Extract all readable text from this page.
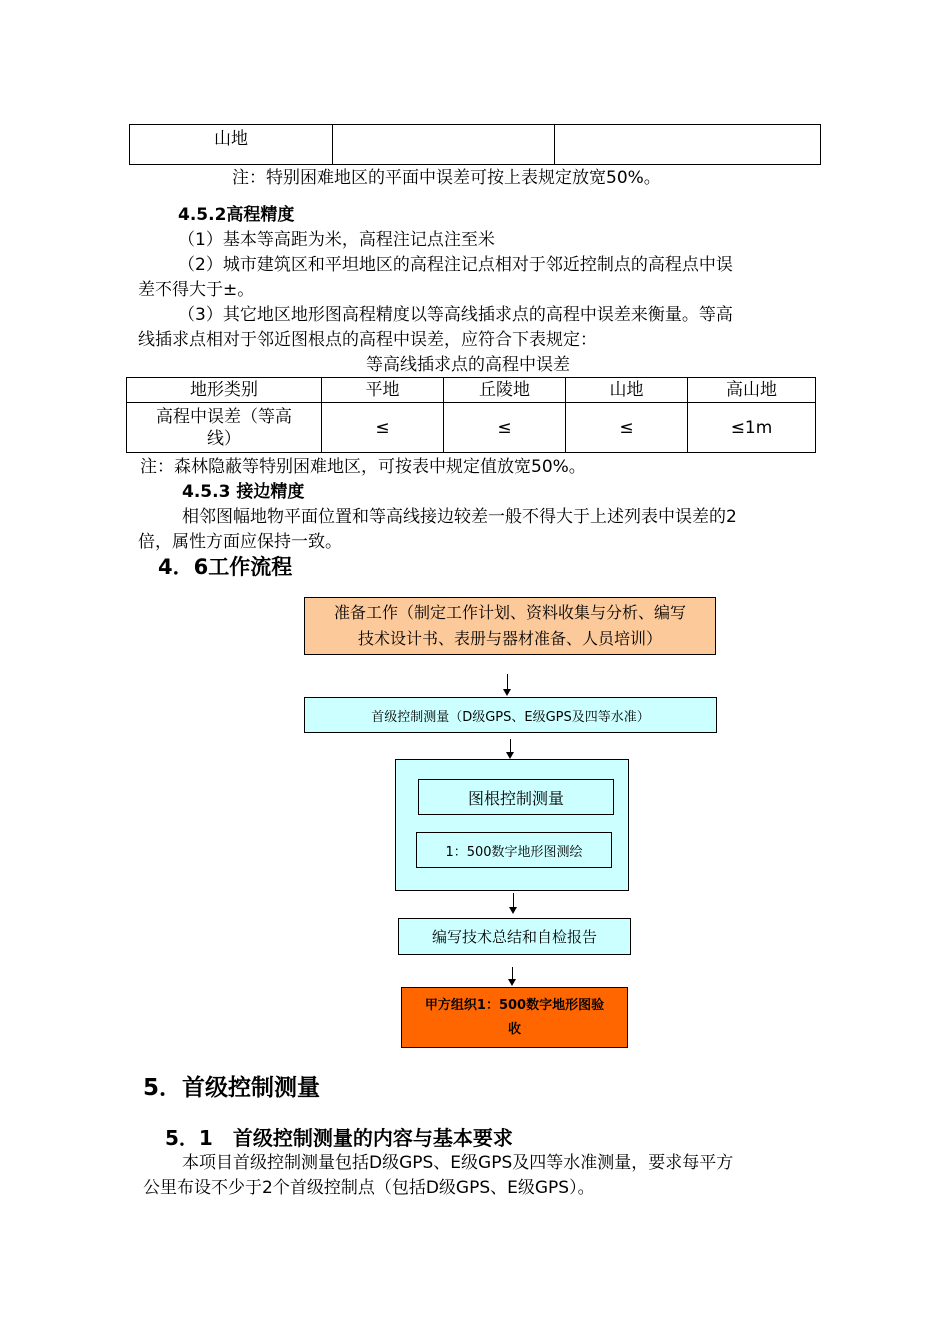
山地		
注：特别困难地区的平面中误差可按上表规定放宽50%。
4.5.2高程精度
（1）基本等高距为米，高程注记点注至米
（2）城市建筑区和平坦地区的高程注记点相对于邻近控制点的高程点中误
差不得大于±。
（3）其它地区地形图高程精度以等高线插求点的高程中误差来衡量。等高
线插求点相对于邻近图根点的高程中误差，应符合下表规定：
等高线插求点的高程中误差
地形类别	平地	丘陵地	山地	高山地

高程中误差（等高线）	≤	≤	≤	≤1m
注：森林隐蔽等特别困难地区，可按表中规定值放宽50%。
4.5.3 接边精度
相邻图幅地物平面位置和等高线接边较差一般不得大于上述列表中误差的2
倍，属性方面应保持一致。
4．6工作流程
准备工作（制定工作计划、资料收集与分析、编写
技术设计书、表册与器材准备、人员培训）
首级控制测量（D级GPS、E级GPS及四等水准）
图根控制测量
1：500数字地形图测绘
编写技术总结和自检报告
甲方组织1：500数字地形图验
收
5．首级控制测量
5．1　首级控制测量的内容与基本要求
本项目首级控制测量包括D级GPS、E级GPS及四等水准测量，要求每平方
公里布设不少于2个首级控制点（包括D级GPS、E级GPS）。
